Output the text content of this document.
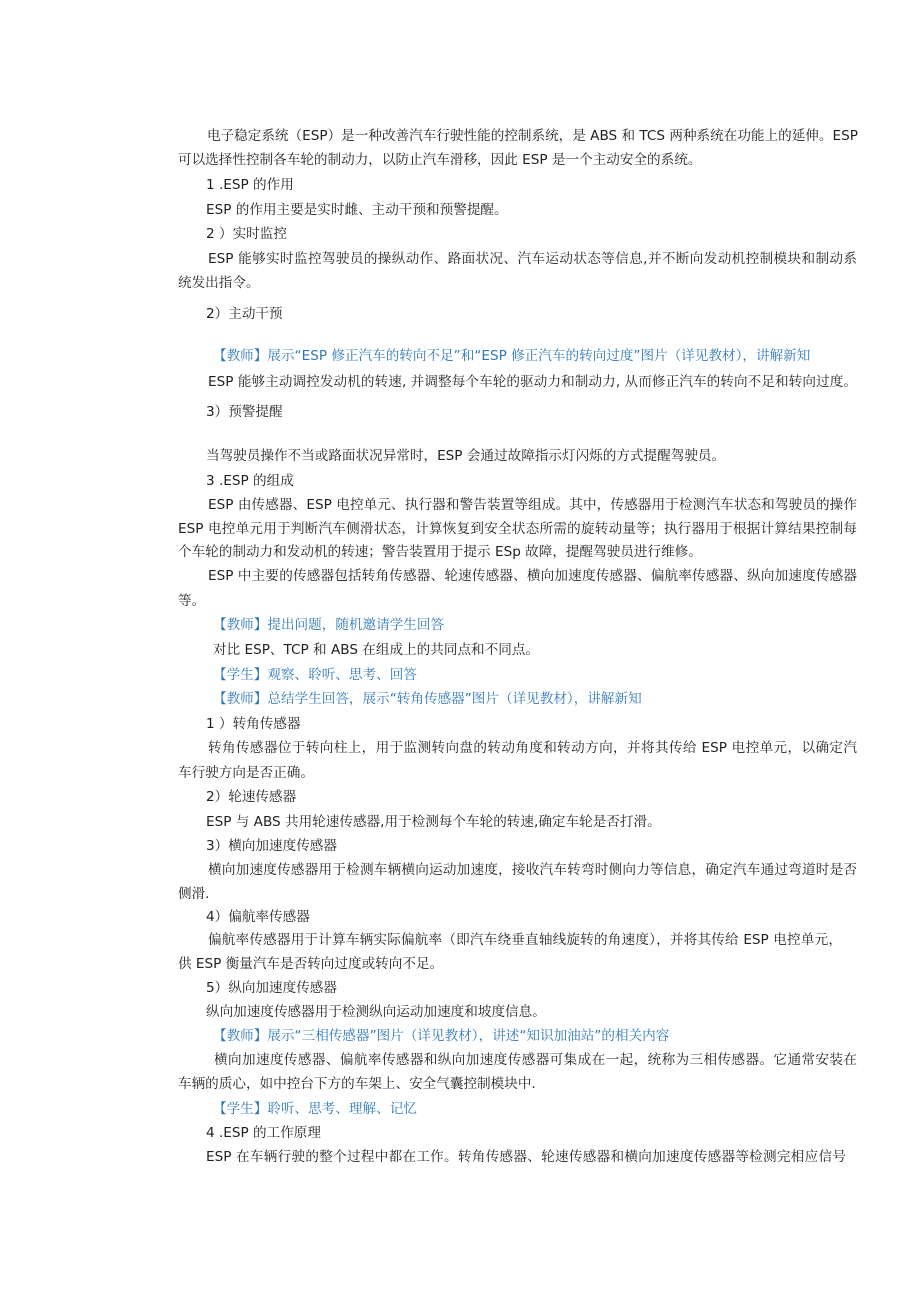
电子稳定系统（ESP）是一种改善汽车行驶性能的控制系统，是 ABS 和 TCS 两种系统在功能上的延伸。ESP
可以选择性控制各车轮的制动力，以防止汽车滑移，因此 ESP 是一个主动安全的系统。
1 .ESP 的作用
ESP 的作用主要是实时雌、主动干预和预警提醒。
2 ）实时监控
ESP 能够实时监控驾驶员的操纵动作、路面状况、汽车运动状态等信息,并不断向发动机控制模块和制动系
统发出指令。
2）主动干预
【教师】展示“ESP 修正汽车的转向不足”和“ESP 修正汽车的转向过度”图片（详见教材），讲解新知
ESP 能够主动调控发动机的转速, 并调整每个车轮的驱动力和制动力, 从而修正汽车的转向不足和转向过度。
3）预警提醒
当驾驶员操作不当或路面状况异常时，ESP 会通过故障指示灯闪烁的方式提醒驾驶员。
3 .ESP 的组成
ESP 由传感器、ESP 电控单元、执行器和警告装置等组成。其中，传感器用于检测汽车状态和驾驶员的操作
ESP 电控单元用于判断汽车侧滑状态，计算恢复到安全状态所需的旋转动量等；执行器用于根据计算结果控制每
个车轮的制动力和发动机的转速；警告装置用于提示 ESp 故障，提醒驾驶员进行维修。
ESP 中主要的传感器包括转角传感器、轮速传感器、横向加速度传感器、偏航率传感器、纵向加速度传感器
等。
【教师】提出问题，随机邀请学生回答
对比 ESP、TCP 和 ABS 在组成上的共同点和不同点。
【学生】观察、聆听、思考、回答
【教师】总结学生回答，展示“转角传感器”图片（详见教材），讲解新知
1 ）转角传感器
转角传感器位于转向柱上，用于监测转向盘的转动角度和转动方向，并将其传给 ESP 电控单元，以确定汽
车行驶方向是否正确。
2）轮速传感器
ESP 与 ABS 共用轮速传感器,用于检测每个车轮的转速,确定车轮是否打滑。
3）横向加速度传感器
横向加速度传感器用于检测车辆横向运动加速度，接收汽车转弯时侧向力等信息，确定汽车通过弯道时是否
侧滑.
4）偏航率传感器
偏航率传感器用于计算车辆实际偏航率（即汽车绕垂直轴线旋转的角速度），并将其传给 ESP 电控单元，
供 ESP 衡量汽车是否转向过度或转向不足。
5）纵向加速度传感器
纵向加速度传感器用于检测纵向运动加速度和坡度信息。
【教师】展示“三相传感器”图片（详见教材），讲述“知识加油站”的相关内容
横向加速度传感器、偏航率传感器和纵向加速度传感器可集成在一起，统称为三相传感器。它通常安装在
车辆的质心，如中控台下方的车架上、安全气囊控制模块中.
【学生】聆听、思考、理解、记忆
4 .ESP 的工作原理
ESP 在车辆行驶的整个过程中都在工作。转角传感器、轮速传感器和横向加速度传感器等检测完相应信号
